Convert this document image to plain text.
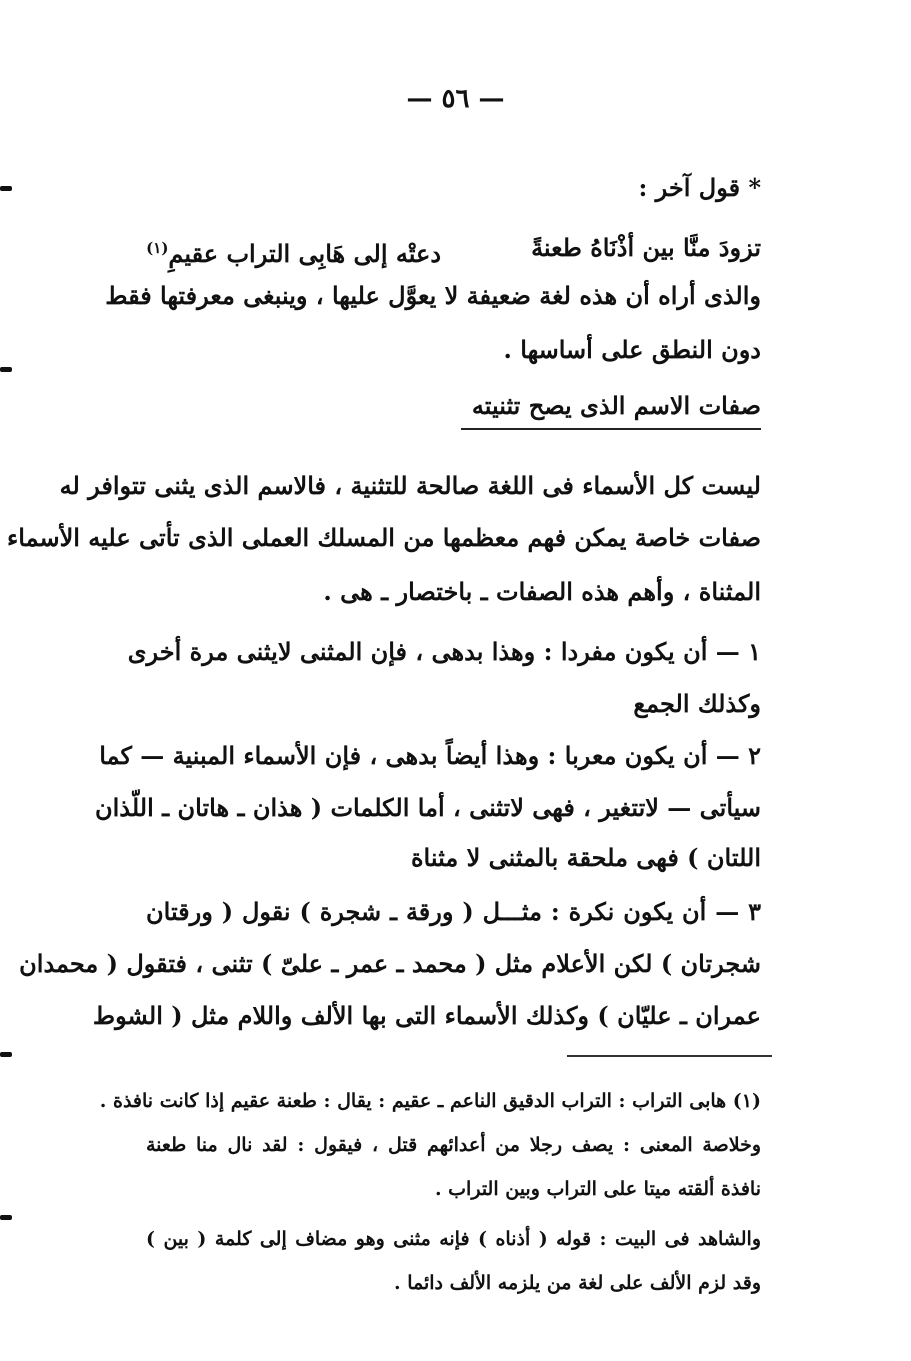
— ٥٦ —
* قول آخر :
تزودَ منَّا بين أذْنَاهُ طعنةً
دعتْه إلى هَابِى التراب عقيمِ$^{(١)}$
والذى أراه أن هذه لغة ضعيفة لا يعوَّل عليها ، وينبغى معرفتها فقط
دون النطق على أساسها .
صفات الاسم الذى يصح تثنيته
ليست كل الأسماء فى اللغة صالحة للتثنية ، فالاسم الذى يثنى تتوافر له
صفات خاصة يمكن فهم معظمها من المسلك العملى الذى تأتى عليه الأسماء
المثناة ، وأهم هذه الصفات ـ باختصار ـ هى .
١ — أن يكون مفردا : وهذا بدهى ، فإن المثنى لايثنى مرة أخرى
وكذلك الجمع
٢ — أن يكون معربا : وهذا أيضاً بدهى ، فإن الأسماء المبنية — كما
سيأتى — لاتتغير ، فهى لاتثنى ، أما الكلمات ( هذان ـ هاتان ـ اللّذان
اللتان ) فهى ملحقة بالمثنى لا مثناة
٣ — أن يكون نكرة : مثـــل ( ورقة ـ شجرة ) نقول ( ورقتان
شجرتان ) لكن الأعلام مثل ( محمد ـ عمر ـ علىّ ) تثنى ، فتقول ( محمدان
عمران ـ عليّان ) وكذلك الأسماء التى بها الألف واللام مثل ( الشوط
(١) هابى التراب : التراب الدقيق الناعم ـ عقيم : يقال : طعنة عقيم إذا كانت نافذة .
وخلاصة المعنى : يصف رجلا من أعدائهم قتل ، فيقول : لقد نال منا طعنة
نافذة ألقته ميتا على التراب وبين التراب .
والشاهد فى البيت : قوله ( أذناه ) فإنه مثنى وهو مضاف إلى كلمة ( بين )
وقد لزم الألف على لغة من يلزمه الألف دائما .
